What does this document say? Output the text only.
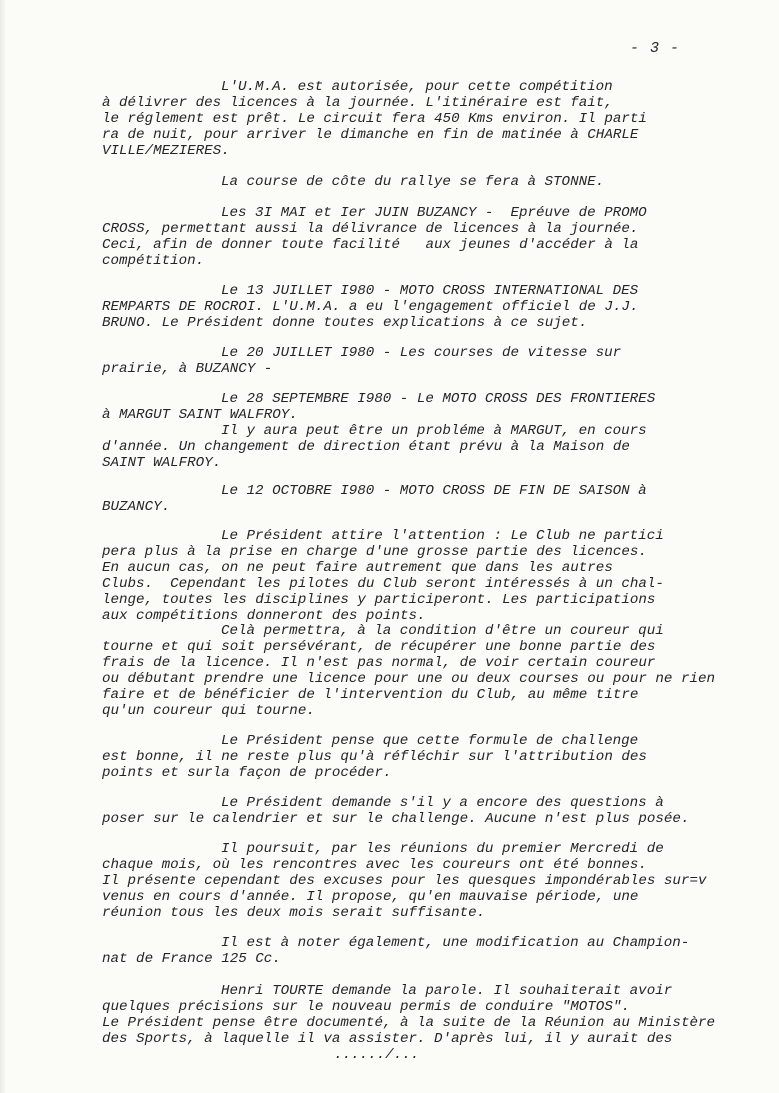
- 3 -
L'U.M.A. est autorisée, pour cette compétition
à délivrer des licences à la journée. L'itinéraire est fait,
le réglement est prêt. Le circuit fera 450 Kms environ. Il parti
ra de nuit, pour arriver le dimanche en fin de matinée à CHARLE
VILLE/MEZIERES.
La course de côte du rallye se fera à STONNE.
Les 3I MAI et Ier JUIN BUZANCY -  Epréuve de PROMO
CROSS, permettant aussi la délivrance de licences à la journée.
Ceci, afin de donner toute facilité   aux jeunes d'accéder à la
compétition.
Le 13 JUILLET I980 - MOTO CROSS INTERNATIONAL DES
REMPARTS DE ROCROI. L'U.M.A. a eu l'engagement officiel de J.J.
BRUNO. Le Président donne toutes explications à ce sujet.
Le 20 JUILLET I980 - Les courses de vitesse sur
prairie, à BUZANCY -
Le 28 SEPTEMBRE I980 - Le MOTO CROSS DES FRONTIERES
à MARGUT SAINT WALFROY.
Il y aura peut être un probléme à MARGUT, en cours
d'année. Un changement de direction étant prévu à la Maison de
SAINT WALFROY.
Le 12 OCTOBRE I980 - MOTO CROSS DE FIN DE SAISON à
BUZANCY.
Le Président attire l'attention : Le Club ne partici
pera plus à la prise en charge d'une grosse partie des licences.
En aucun cas, on ne peut faire autrement que dans les autres
Clubs.  Cependant les pilotes du Club seront intéressés à un chal-
lenge, toutes les disciplines y participeront. Les participations
aux compétitions donneront des points.
Celà permettra, à la condition d'être un coureur qui
tourne et qui soit persévérant, de récupérer une bonne partie des
frais de la licence. Il n'est pas normal, de voir certain coureur
ou débutant prendre une licence pour une ou deux courses ou pour ne rien
faire et de bénéficier de l'intervention du Club, au même titre
qu'un coureur qui tourne.
Le Président pense que cette formule de challenge
est bonne, il ne reste plus qu'à réfléchir sur l'attribution des
points et surla façon de procéder.
Le Président demande s'il y a encore des questions à
poser sur le calendrier et sur le challenge. Aucune n'est plus posée.
Il poursuit, par les réunions du premier Mercredi de
chaque mois, où les rencontres avec les coureurs ont été bonnes.
Il présente cependant des excuses pour les quesques impondérables sur=v
venus en cours d'année. Il propose, qu'en mauvaise période, une
réunion tous les deux mois serait suffisante.
Il est à noter également, une modification au Champion-
nat de France 125 Cc.
Henri TOURTE demande la parole. Il souhaiterait avoir
quelques précisions sur le nouveau permis de conduire "MOTOS".
Le Président pense être documenté, à la suite de la Réunion au Ministère
des Sports, à laquelle il va assister. D'après lui, il y aurait des
....../...
